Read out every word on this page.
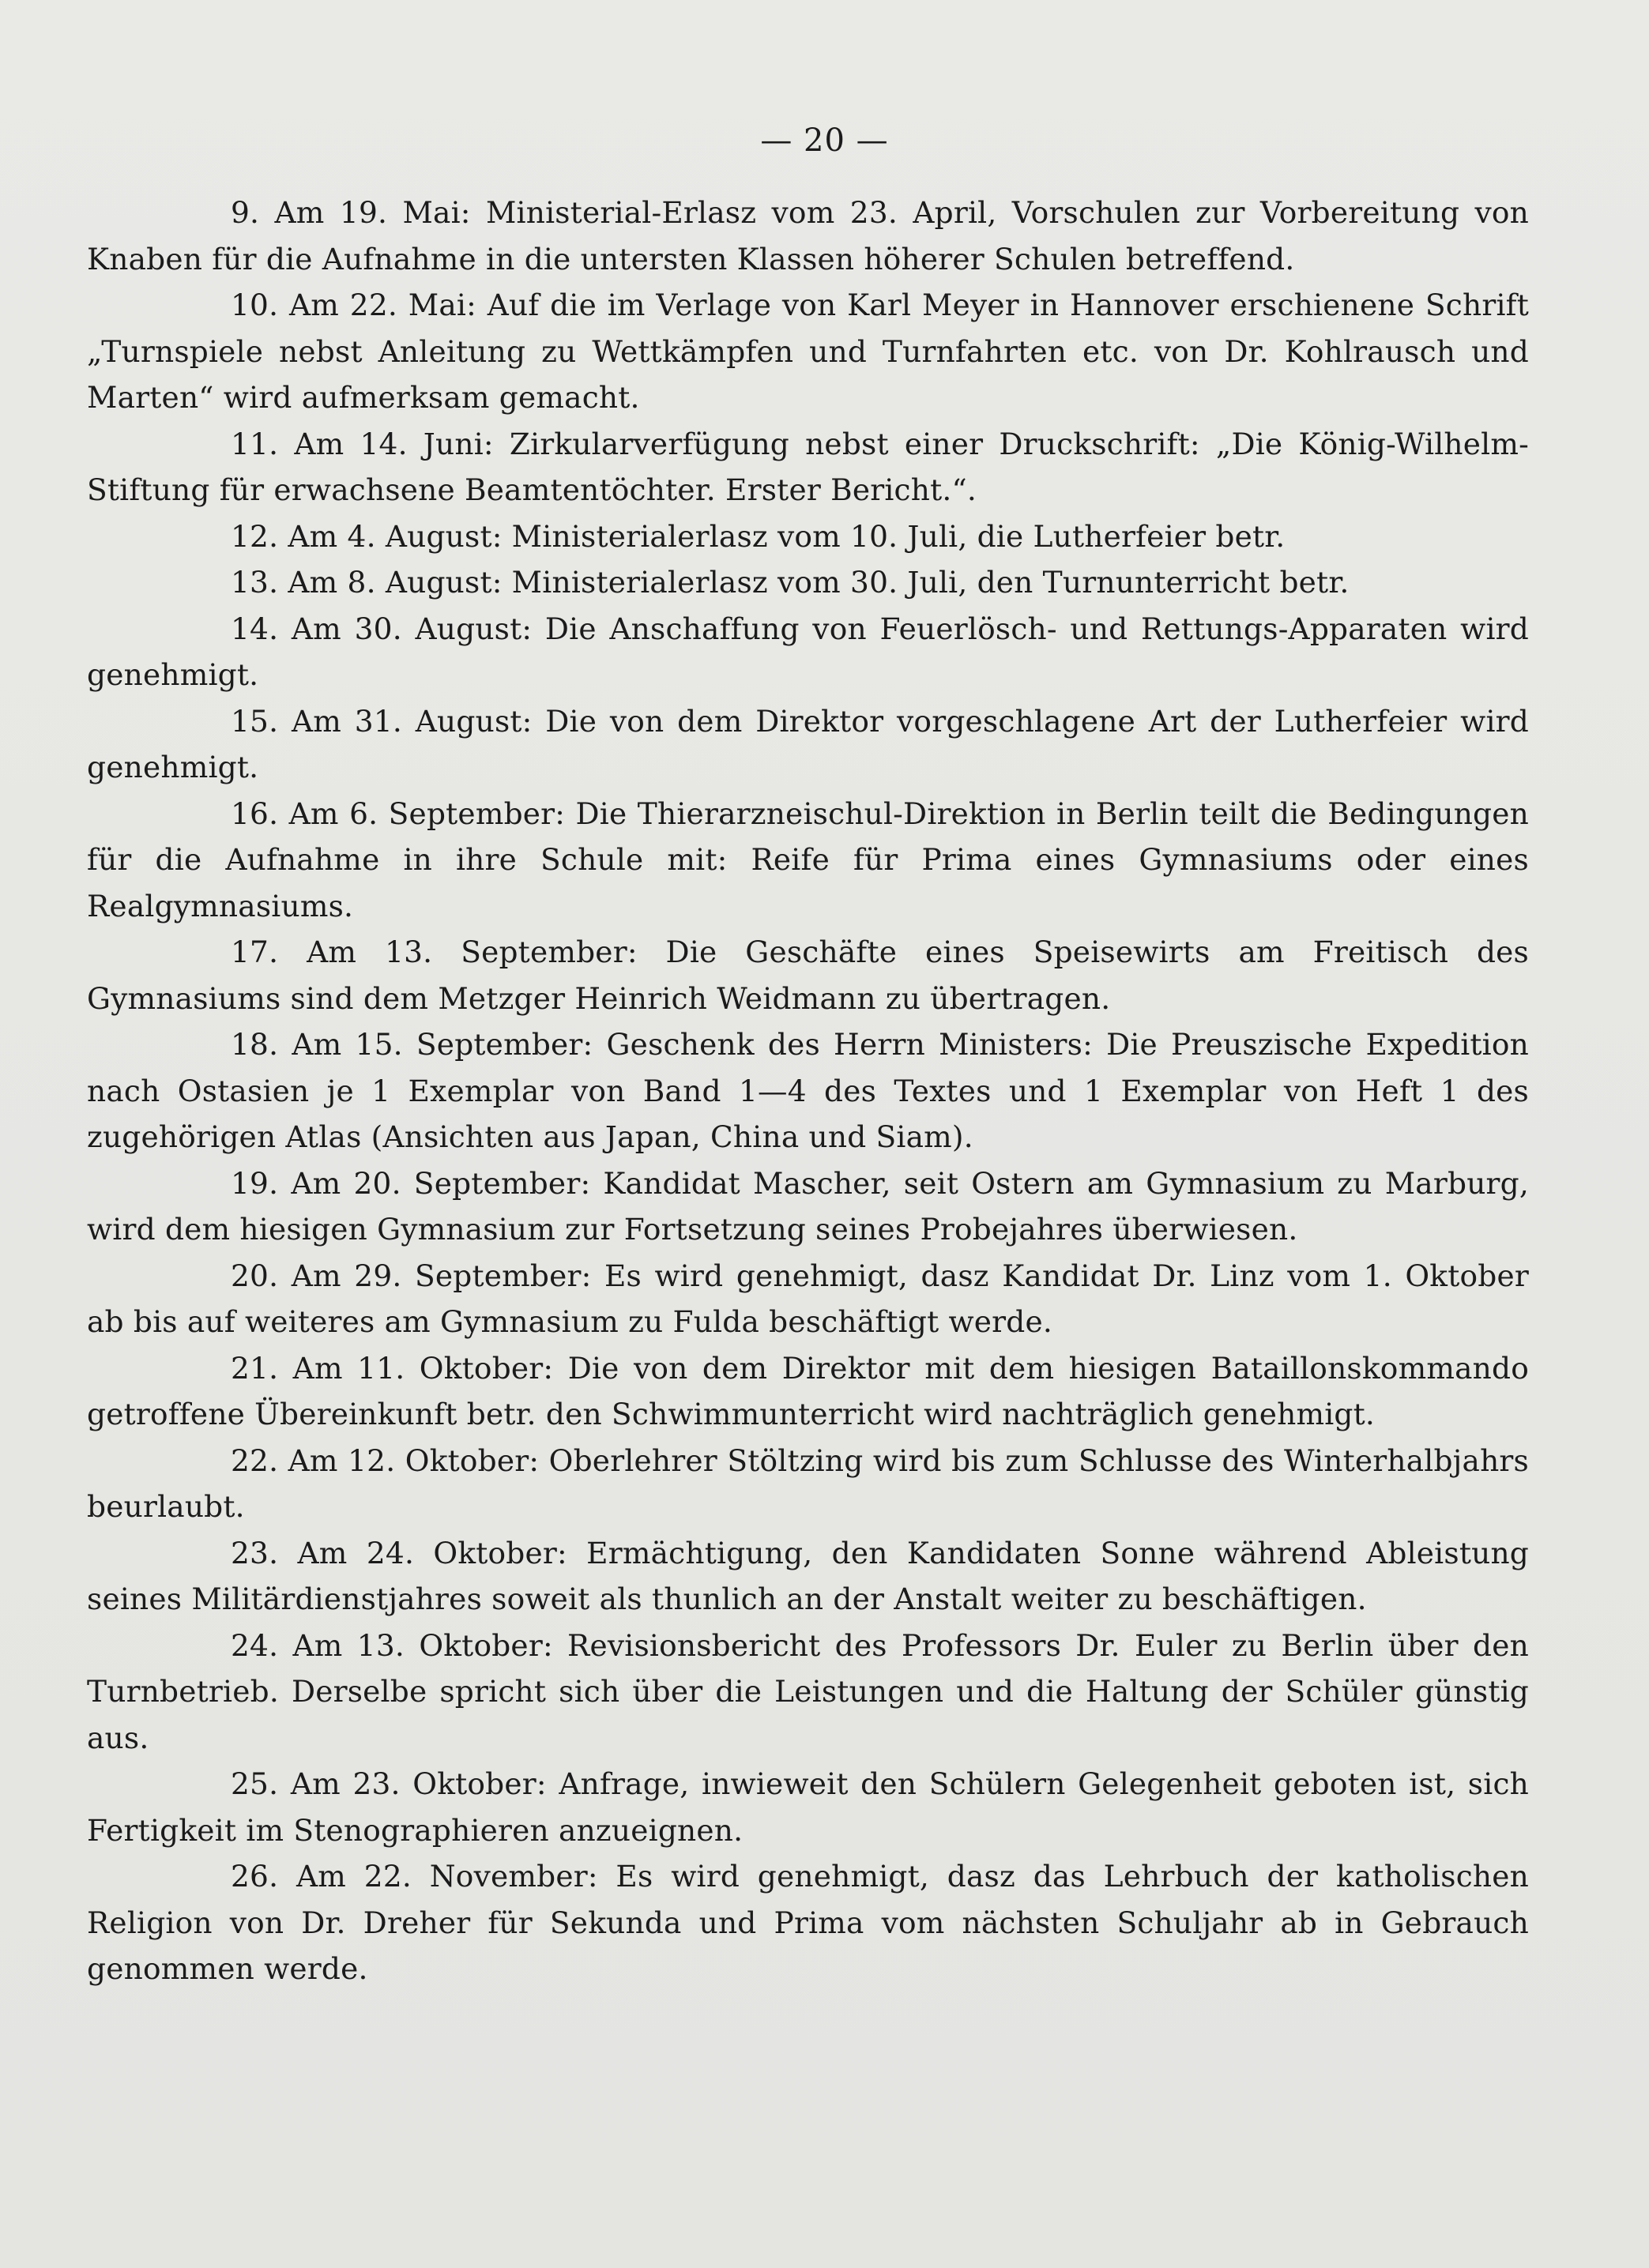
— 20 —

9. Am 19. Mai: Ministerial-Erlasz vom 23. April, Vorschulen zur Vorbereitung von Knaben für die Aufnahme in die untersten Klassen höherer Schulen betreffend.

10. Am 22. Mai: Auf die im Verlage von Karl Meyer in Hannover erschienene Schrift „Turnspiele nebst Anleitung zu Wettkämpfen und Turnfahrten etc. von Dr. Kohlrausch und Marten“ wird aufmerksam gemacht.

11. Am 14. Juni: Zirkularverfügung nebst einer Druckschrift: „Die König-Wilhelm-Stiftung für erwachsene Beamtentöchter. Erster Bericht.“.

12. Am 4. August: Ministerialerlasz vom 10. Juli, die Lutherfeier betr.

13. Am 8. August: Ministerialerlasz vom 30. Juli, den Turnunterricht betr.

14. Am 30. August: Die Anschaffung von Feuerlösch- und Rettungs-Apparaten wird genehmigt.

15. Am 31. August: Die von dem Direktor vorgeschlagene Art der Lutherfeier wird genehmigt.

16. Am 6. September: Die Thierarzneischul-Direktion in Berlin teilt die Bedingungen für die Aufnahme in ihre Schule mit: Reife für Prima eines Gymnasiums oder eines Realgymnasiums.

17. Am 13. September: Die Geschäfte eines Speisewirts am Freitisch des Gymnasiums sind dem Metzger Heinrich Weidmann zu übertragen.

18. Am 15. September: Geschenk des Herrn Ministers: Die Preuszische Expedition nach Ostasien je 1 Exemplar von Band 1—4 des Textes und 1 Exemplar von Heft 1 des zugehörigen Atlas (Ansichten aus Japan, China und Siam).

19. Am 20. September: Kandidat Mascher, seit Ostern am Gymnasium zu Marburg, wird dem hiesigen Gymnasium zur Fortsetzung seines Probejahres überwiesen.

20. Am 29. September: Es wird genehmigt, dasz Kandidat Dr. Linz vom 1. Oktober ab bis auf weiteres am Gymnasium zu Fulda beschäftigt werde.

21. Am 11. Oktober: Die von dem Direktor mit dem hiesigen Bataillonskommando getroffene Übereinkunft betr. den Schwimmunterricht wird nachträglich genehmigt.

22. Am 12. Oktober: Oberlehrer Stöltzing wird bis zum Schlusse des Winterhalbjahrs beurlaubt.

23. Am 24. Oktober: Ermächtigung, den Kandidaten Sonne während Ableistung seines Militärdienstjahres soweit als thunlich an der Anstalt weiter zu beschäftigen.

24. Am 13. Oktober: Revisionsbericht des Professors Dr. Euler zu Berlin über den Turnbetrieb. Derselbe spricht sich über die Leistungen und die Haltung der Schüler günstig aus.

25. Am 23. Oktober: Anfrage, inwieweit den Schülern Gelegenheit geboten ist, sich Fertigkeit im Stenographieren anzueignen.

26. Am 22. November: Es wird genehmigt, dasz das Lehrbuch der katholischen Religion von Dr. Dreher für Sekunda und Prima vom nächsten Schuljahr ab in Gebrauch genommen werde.
